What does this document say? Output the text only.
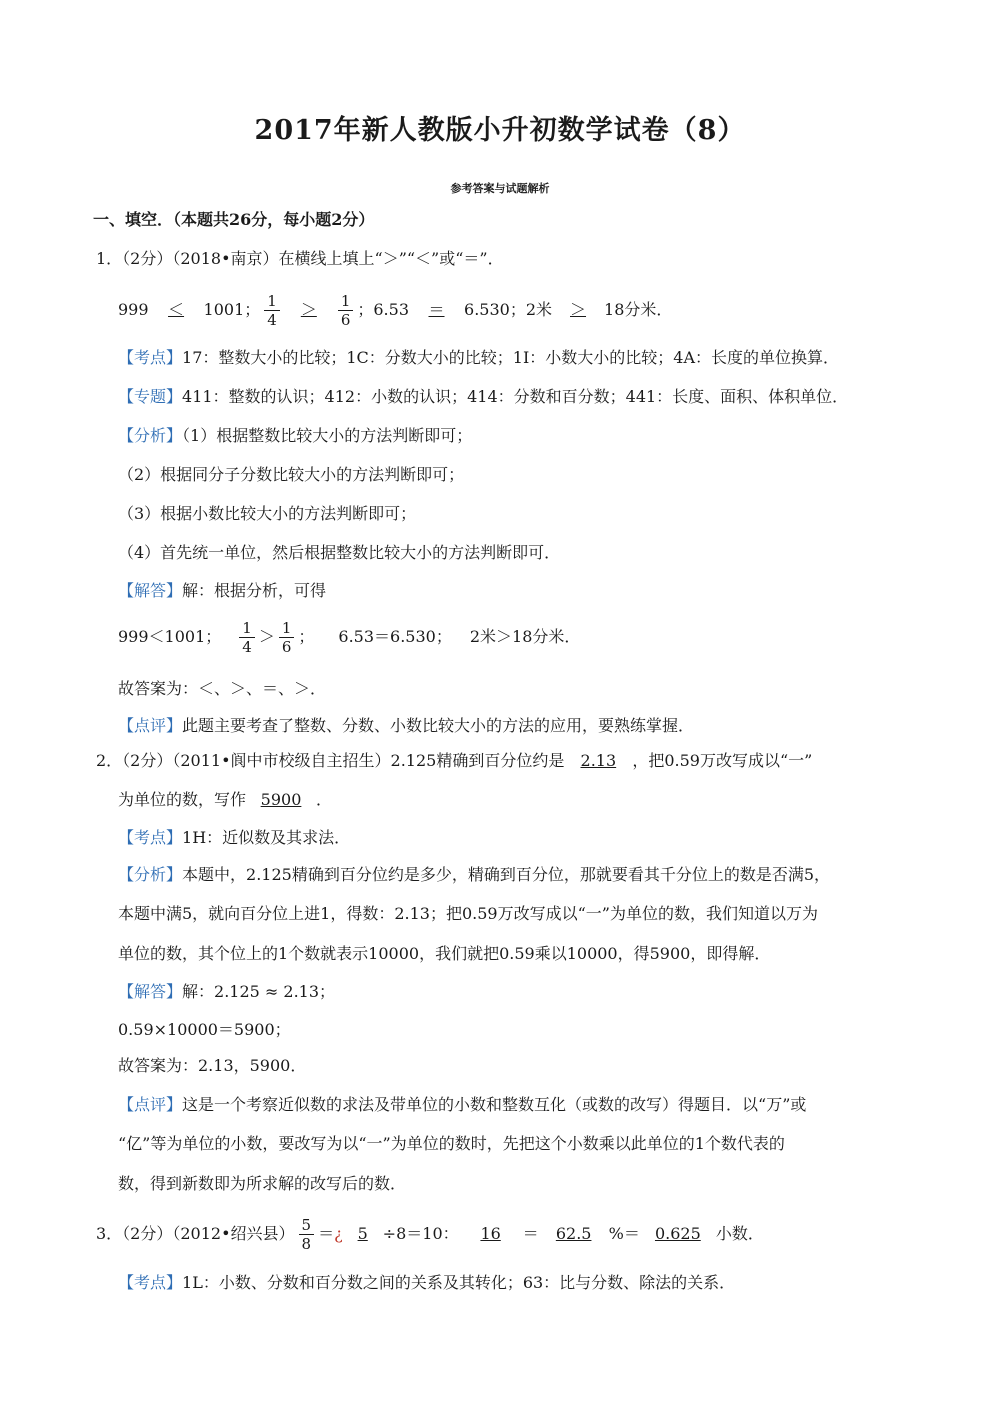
2017年新人教版小升初数学试卷（8）
参考答案与试题解析
一、填空．（本题共26分，每小题2分）
1．（2分）（2018•南京）在横线上填上“＞”“＜”或“＝”．
999	＜	1001； $\frac{1}{4}$	＞	$\frac{1}{6}$ ；6.53	＝	6.530；2米	＞	18分米．
【考点】17：整数大小的比较；1C：分数大小的比较；1I：小数大小的比较；4A：长度的单位换算．
【专题】411：整数的认识；412：小数的认识；414：分数和百分数；441：长度、面积、体积单位．
【分析】（1）根据整数比较大小的方法判断即可；
（2）根据同分子分数比较大小的方法判断即可；
（3）根据小数比较大小的方法判断即可；
（4）首先统一单位，然后根据整数比较大小的方法判断即可．
【解答】解：根据分析，可得
999＜1001； $\frac{1}{4} > \frac{1}{6}$ ； 6.53＝6.530； 2米＞18分米．
故答案为：＜、＞、＝、＞．
【点评】此题主要考查了整数、分数、小数比较大小的方法的应用，要熟练掌握．
2．（2分）（2011•阆中市校级自主招生）2.125精确到百分位约是 2.13 ，把0.59万改写成以“一”
为单位的数，写作 5900 ．
【考点】1H：近似数及其求法．
【分析】本题中，2.125精确到百分位约是多少，精确到百分位，那就要看其千分位上的数是否满5，
本题中满5，就向百分位上进1，得数：2.13；把0.59万改写成以“一”为单位的数，我们知道以万为
单位的数，其个位上的1个数就表示10000，我们就把0.59乘以10000，得5900，即得解．
【解答】解：2.125 ≈ 2.13；
0.59×10000＝5900；
故答案为：2.13，5900．
【点评】这是一个考察近似数的求法及带单位的小数和整数互化（或数的改写）得题目．以“万”或
“亿”等为单位的小数，要改写为以“一”为单位的数时，先把这个小数乘以此单位的1个数代表的
数，得到新数即为所求解的改写后的数．
3．（2分）（2012•绍兴县） $\frac{5}{8}$ ＝ ¿ 5 ÷8＝10：	16	＝	62.5	%＝ 0.625 小数．
【考点】1L：小数、分数和百分数之间的关系及其转化；63：比与分数、除法的关系．
